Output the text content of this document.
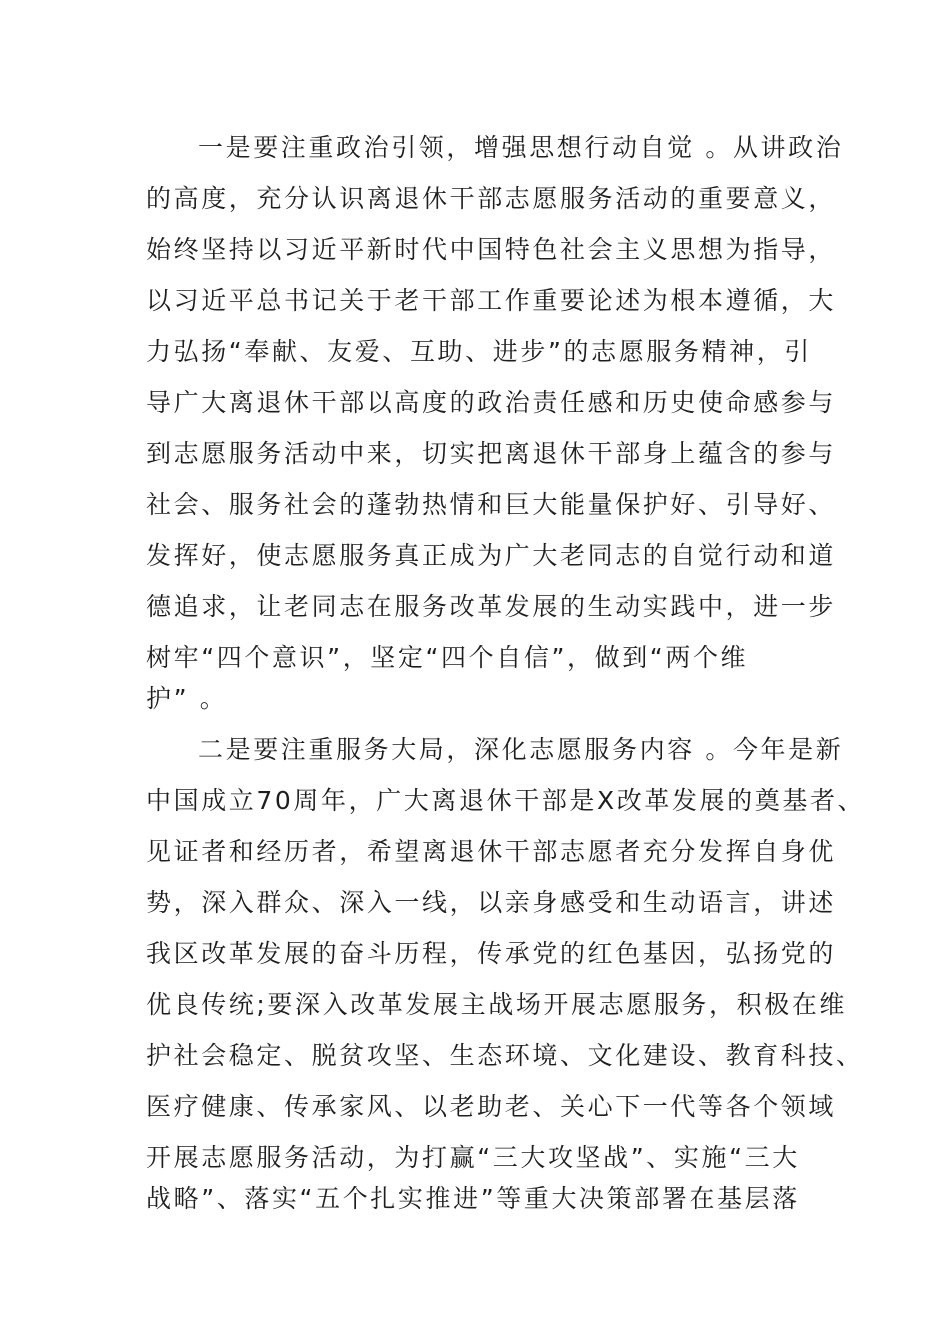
一是要注重政治引领，增强思想行动自觉 。从讲政治

的高度，充分认识离退休干部志愿服务活动的重要意义，

始终坚持以习近平新时代中国特色社会主义思想为指导，

以习近平总书记关于老干部工作重要论述为根本遵循，大

力弘扬“奉献、友爱、互助、进步”的志愿服务精神，引

导广大离退休干部以高度的政治责任感和历史使命感参与

到志愿服务活动中来，切实把离退休干部身上蕴含的参与

社会、服务社会的蓬勃热情和巨大能量保护好、引导好、

发挥好，使志愿服务真正成为广大老同志的自觉行动和道

德追求，让老同志在服务改革发展的生动实践中，进一步

树牢“四个意识”，坚定“四个自信”，做到“两个维

护” 。

二是要注重服务大局，深化志愿服务内容 。今年是新

中国成立70周年，广大离退休干部是X改革发展的奠基者、

见证者和经历者，希望离退休干部志愿者充分发挥自身优

势，深入群众、深入一线，以亲身感受和生动语言，讲述

我区改革发展的奋斗历程，传承党的红色基因，弘扬党的

优良传统;要深入改革发展主战场开展志愿服务，积极在维

护社会稳定、脱贫攻坚、生态环境、文化建设、教育科技、

医疗健康、传承家风、以老助老、关心下一代等各个领域

开展志愿服务活动，为打赢“三大攻坚战”、实施“三大

战略”、落实“五个扎实推进”等重大决策部署在基层落
